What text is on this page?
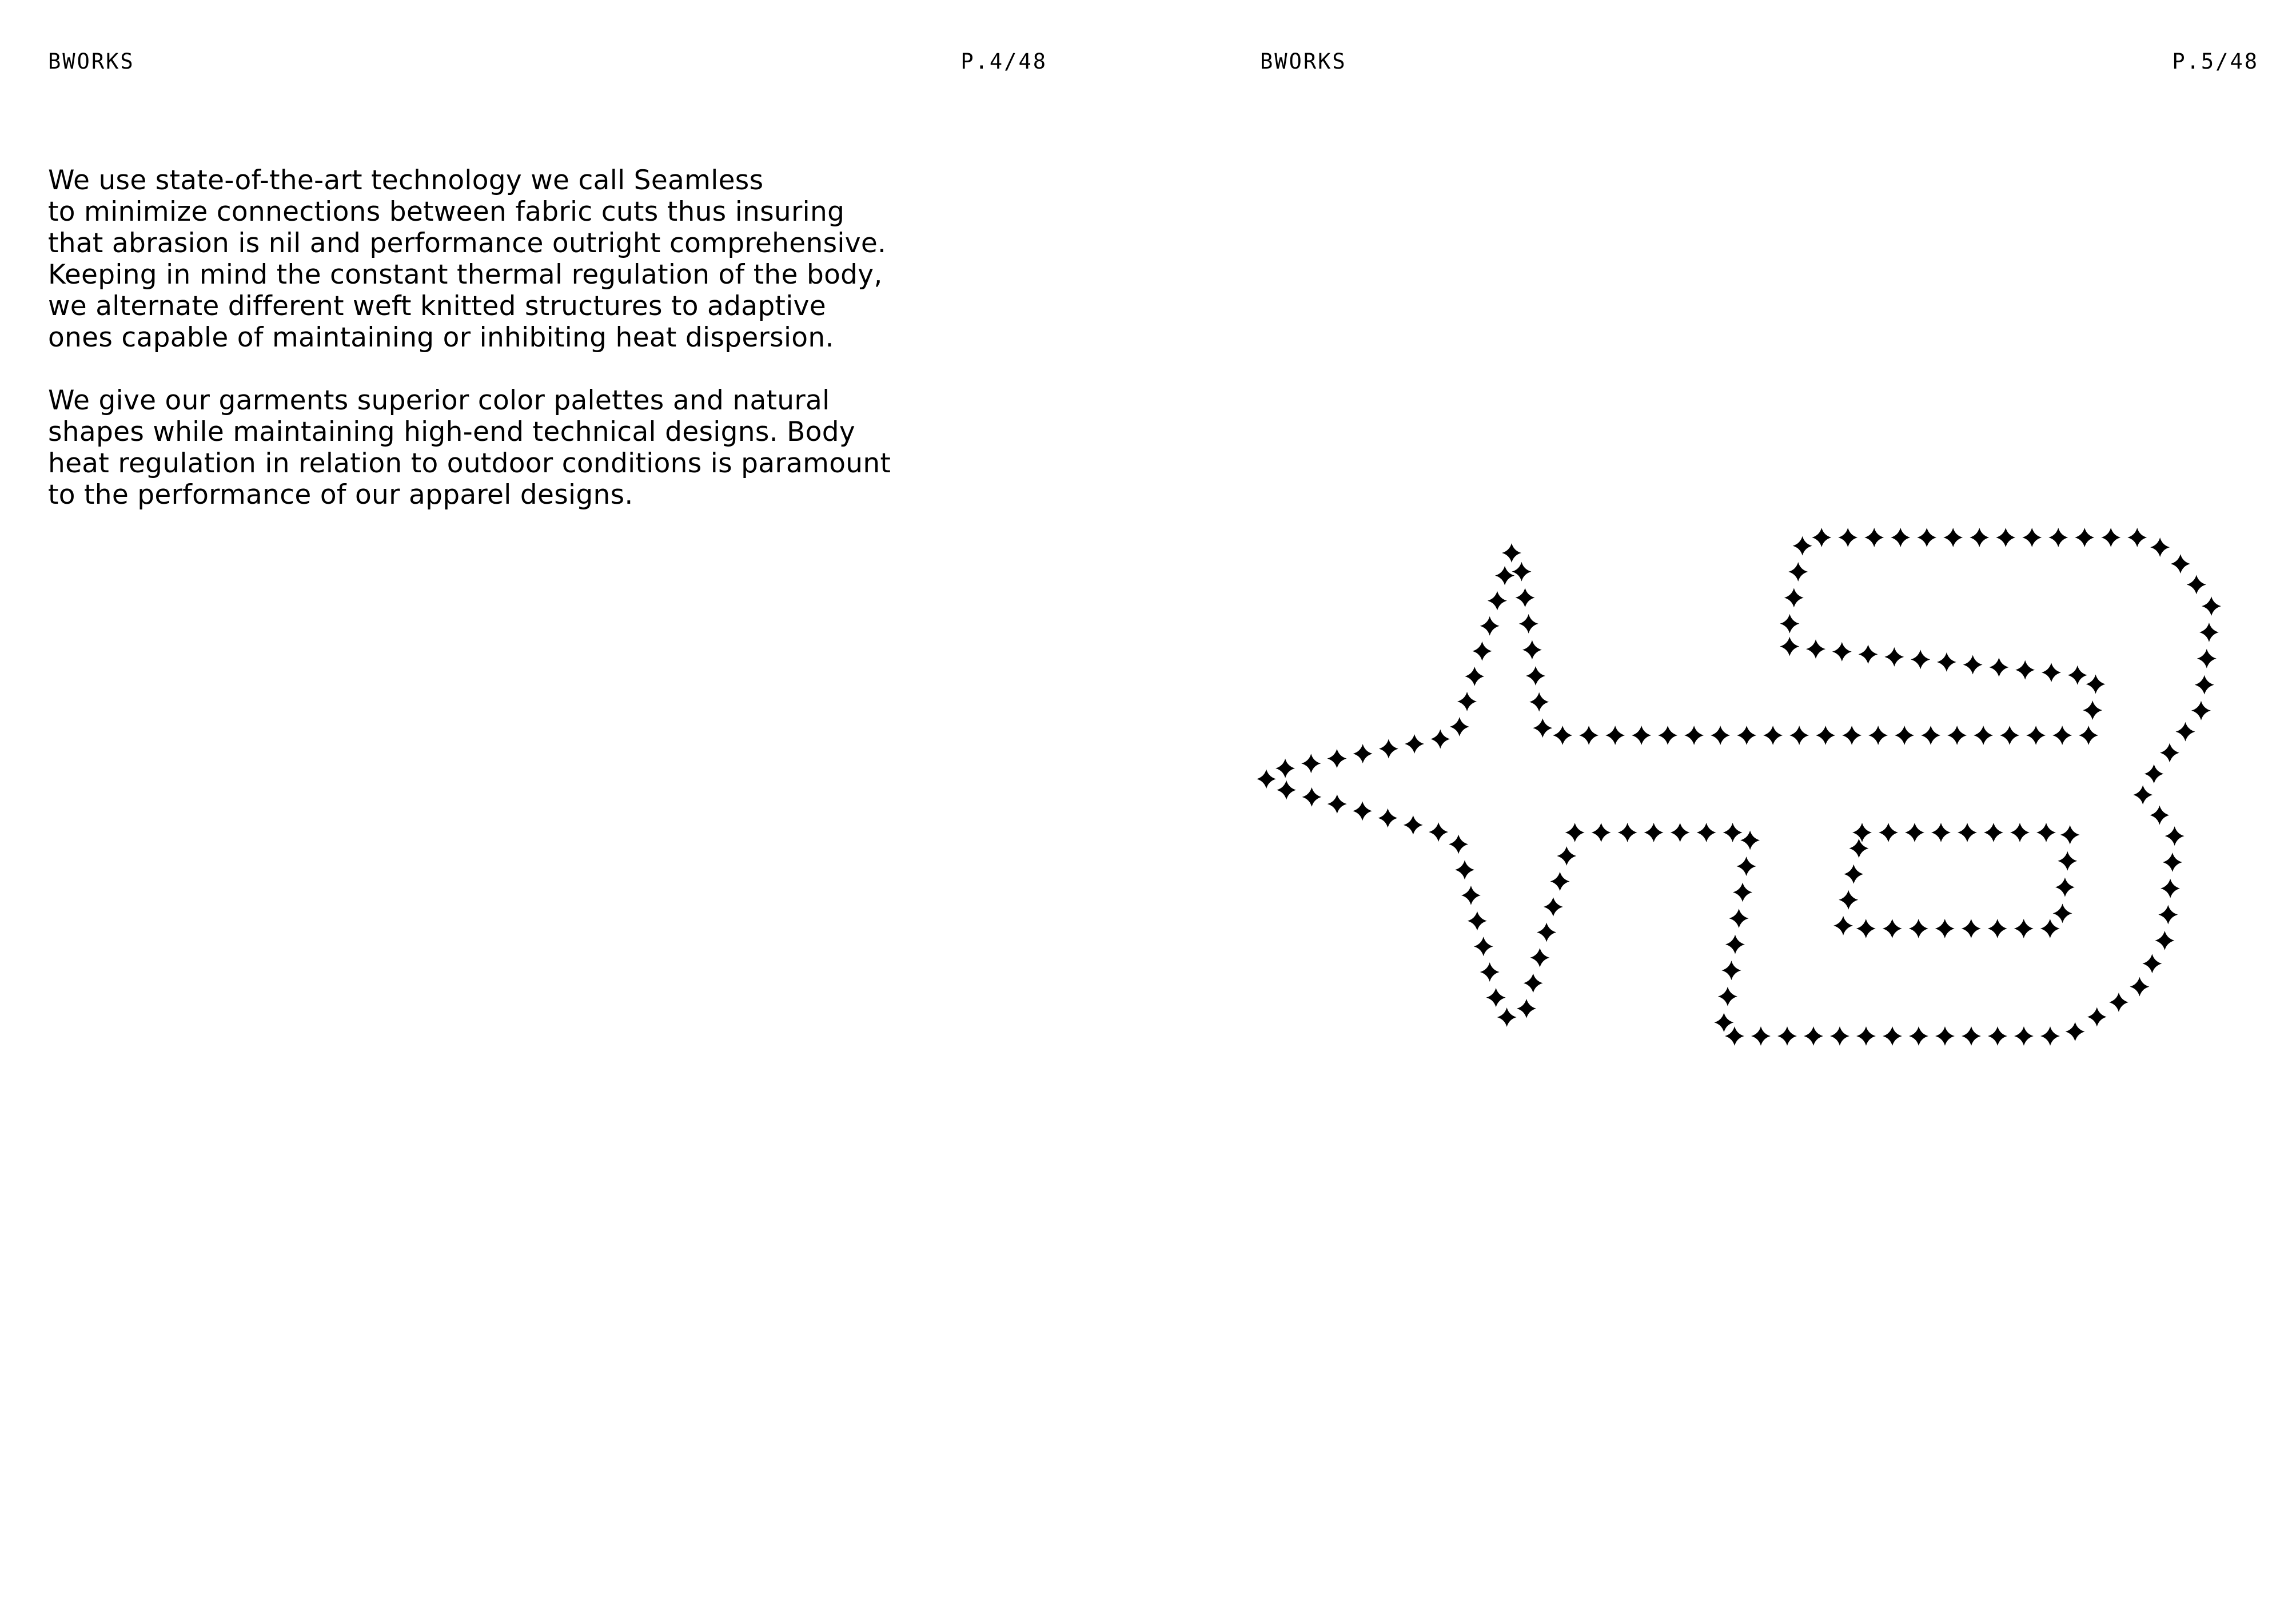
BWORKS	P.4/48

We use state-of-the-art technology we call Seamless
to minimize connections between fabric cuts thus insuring
that abrasion is nil and performance outright comprehensive.
Keeping in mind the constant thermal regulation of the body,
we alternate different weft knitted structures to adaptive
ones capable of maintaining or inhibiting heat dispersion.

We give our garments superior color palettes and natural
shapes while maintaining high-end technical designs. Body
heat regulation in relation to outdoor conditions is paramount
to the performance of our apparel designs.

BWORKS	P.5/48
